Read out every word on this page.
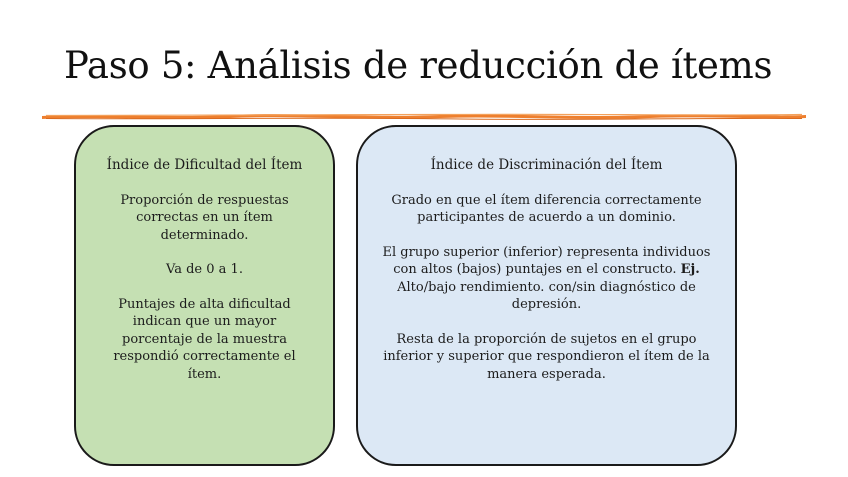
Paso 5: Análisis de reducción de ítems
Índice de Dificultad del Ítem

Proporción de respuestas correctas en un ítem determinado.

Va de 0 a 1.

Puntajes de alta dificultad indican que un mayor porcentaje de la muestra respondió correctamente el ítem.

Índice de Discriminación del Ítem

Grado en que el ítem diferencia correctamente participantes de acuerdo a un dominio.

El grupo superior (inferior) representa individuos con altos (bajos) puntajes en el constructo. Ej. Alto/bajo rendimiento. con/sin diagnóstico de depresión.

Resta de la proporción de sujetos en el grupo inferior y superior que respondieron el ítem de la manera esperada.
